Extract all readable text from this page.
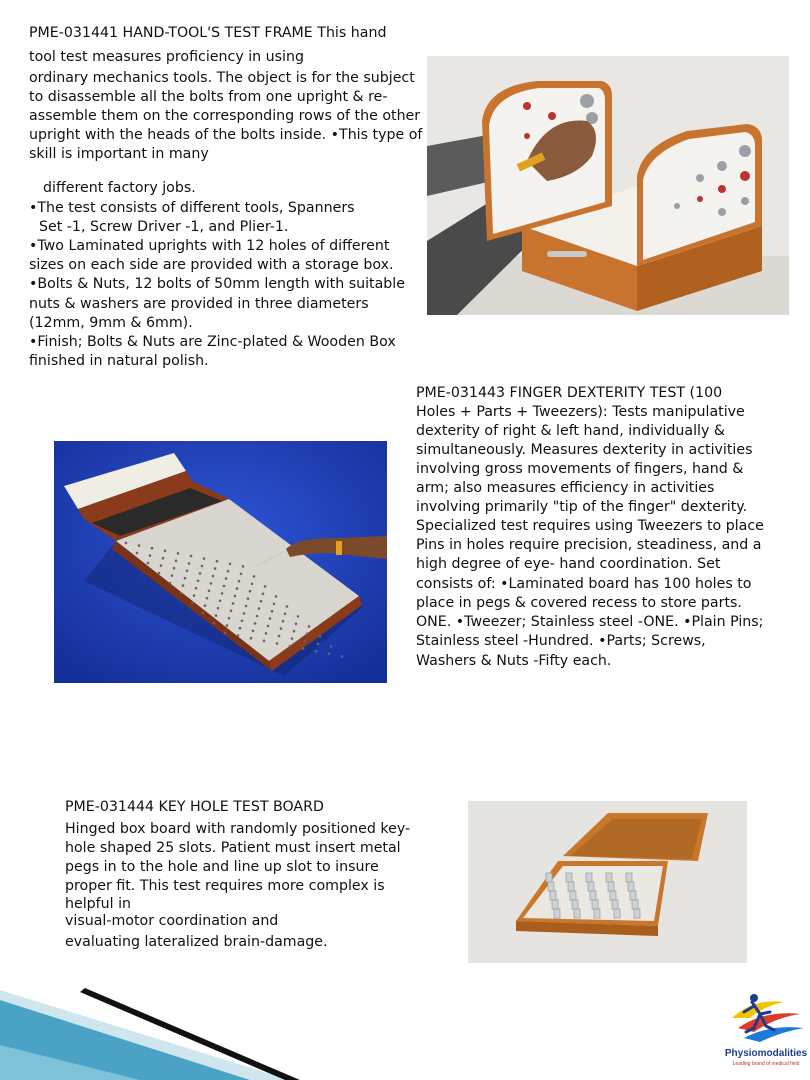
PME-031441 HAND-TOOL'S TEST FRAME This hand
tool test measures proficiency in using
ordinary mechanics tools. The object is for the subject
to disassemble all the bolts from one upright & re-
assemble them on the corresponding rows of the other
upright with the heads of the bolts inside. •This type of
skill is important in many
different factory jobs.
•The test consists of different tools, Spanners
Set -1, Screw Driver -1, and Plier-1.
•Two Laminated uprights with 12 holes of different
sizes on each side are provided with a storage box.
•Bolts & Nuts, 12 bolts of 50mm length with suitable
nuts & washers are provided in three diameters
(12mm, 9mm & 6mm).
•Finish; Bolts & Nuts are Zinc-plated & Wooden Box
finished in natural polish.
PME-031443 FINGER DEXTERITY TEST (100
Holes + Parts + Tweezers): Tests manipulative
dexterity of right & left hand, individually &
simultaneously. Measures dexterity in activities
involving gross movements of fingers, hand &
arm; also measures efficiency in activities
involving primarily "tip of the finger" dexterity.
Specialized test requires using Tweezers to place
Pins in holes require precision, steadiness, and a
high degree of eye- hand coordination. Set
consists of: •Laminated board has 100 holes to
place in pegs & covered recess to store parts.
ONE. •Tweezer; Stainless steel -ONE. •Plain Pins;
Stainless steel -Hundred. •Parts; Screws,
Washers & Nuts -Fifty each.
PME-031444 KEY HOLE TEST BOARD
Hinged box board with randomly positioned key-
hole shaped 25 slots. Patient must insert metal
pegs in to the hole and line up slot to insure
proper fit. This test requires more complex is
helpful in
visual-motor coordination and
evaluating lateralized brain-damage.
Physiomodalities
Leading brand of medical field
